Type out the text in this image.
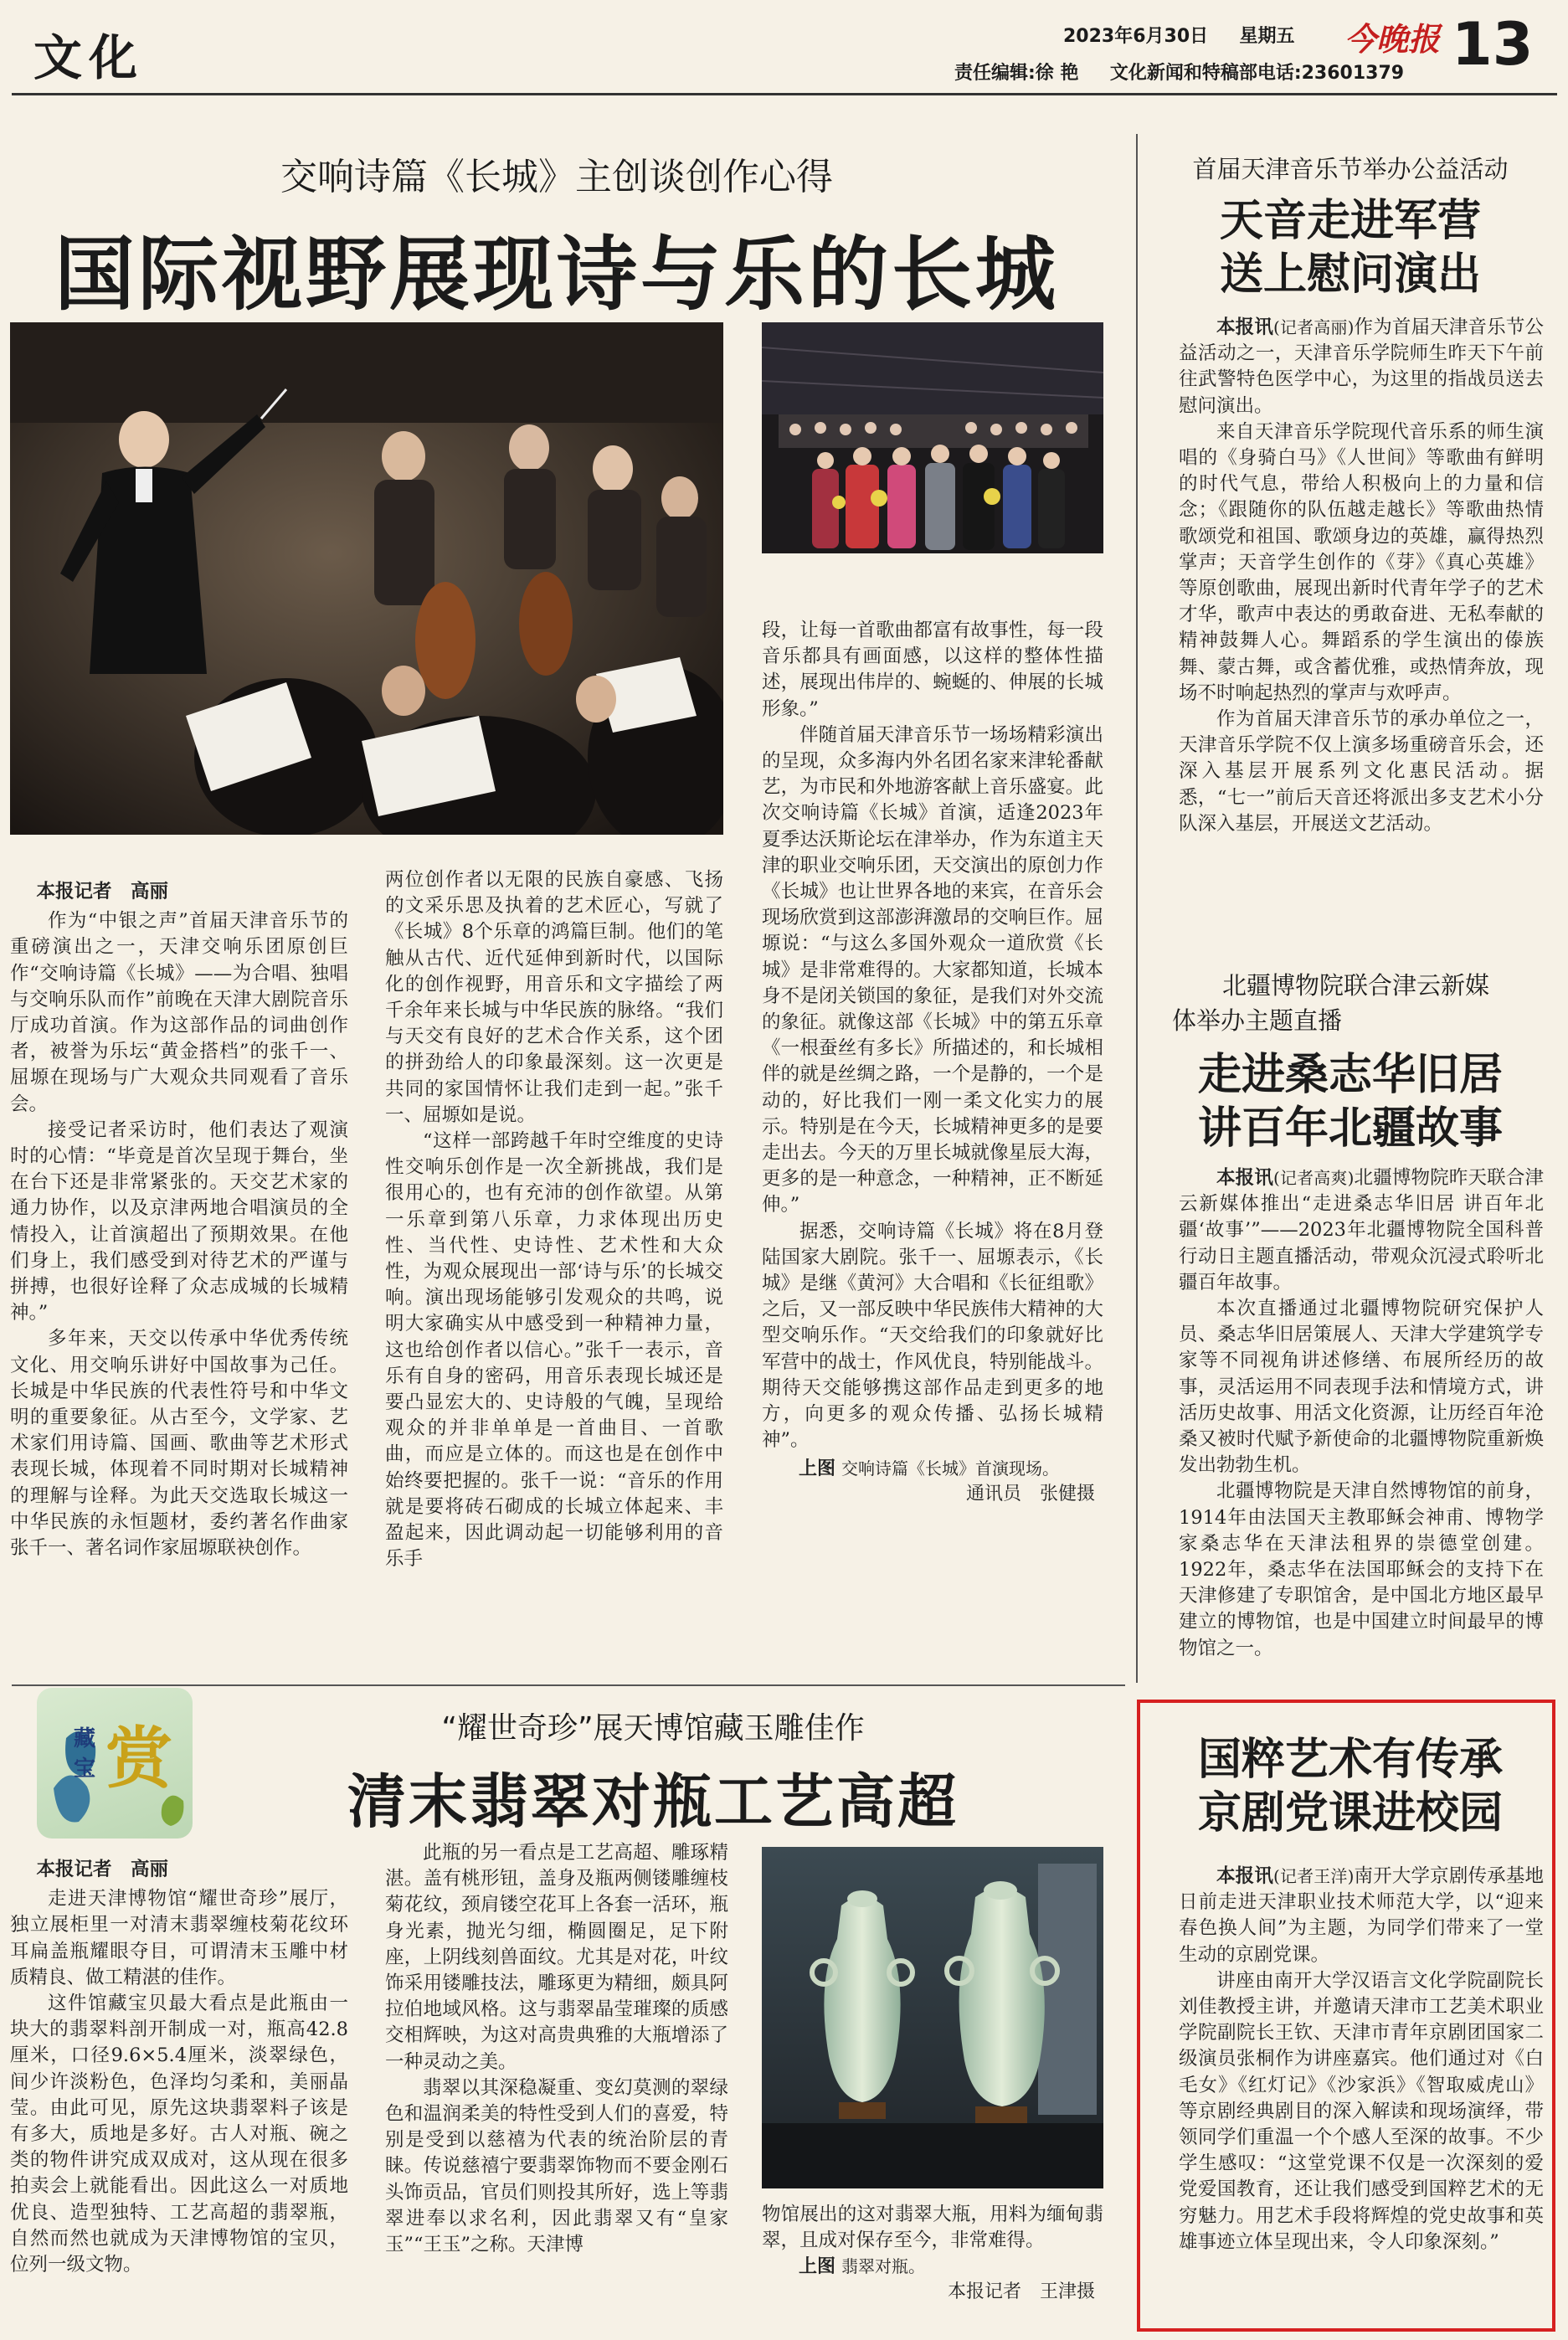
文化	2023年6月30日 星期五 今晚报 13
责任编辑:徐 艳 文化新闻和特稿部电话:23601379
交响诗篇《长城》主创谈创作心得
国际视野展现诗与乐的长城

本报记者　高丽

作为“中银之声”首届天津音乐节的重磅演出之一，天津交响乐团原创巨作“交响诗篇《长城》——为合唱、独唱与交响乐队而作”前晚在天津大剧院音乐厅成功首演。作为这部作品的词曲创作者，被誉为乐坛“黄金搭档”的张千一、屈塬在现场与广大观众共同观看了音乐会。

接受记者采访时，他们表达了观演时的心情：“毕竟是首次呈现于舞台，坐在台下还是非常紧张的。天交艺术家的通力协作，以及京津两地合唱演员的全情投入，让首演超出了预期效果。在他们身上，我们感受到对待艺术的严谨与拼搏，也很好诠释了众志成城的长城精神。”

多年来，天交以传承中华优秀传统文化、用交响乐讲好中国故事为己任。长城是中华民族的代表性符号和中华文明的重要象征。从古至今，文学家、艺术家们用诗篇、国画、歌曲等艺术形式表现长城，体现着不同时期对长城精神的理解与诠释。为此天交选取长城这一中华民族的永恒题材，委约著名作曲家张千一、著名词作家屈塬联袂创作。

两位创作者以无限的民族自豪感、飞扬的文采乐思及执着的艺术匠心，写就了《长城》8个乐章的鸿篇巨制。他们的笔触从古代、近代延伸到新时代，以国际化的创作视野，用音乐和文字描绘了两千余年来长城与中华民族的脉络。“我们与天交有良好的艺术合作关系，这个团的拼劲给人的印象最深刻。这一次更是共同的家国情怀让我们走到一起。”张千一、屈塬如是说。

“这样一部跨越千年时空维度的史诗性交响乐创作是一次全新挑战，我们是很用心的，也有充沛的创作欲望。从第一乐章到第八乐章，力求体现出历史性、当代性、史诗性、艺术性和大众性，为观众展现出一部‘诗与乐’的长城交响。演出现场能够引发观众的共鸣，说明大家确实从中感受到一种精神力量，这也给创作者以信心。”张千一表示，音乐有自身的密码，用音乐表现长城还是要凸显宏大的、史诗般的气魄，呈现给观众的并非单单是一首曲目、一首歌曲，而应是立体的。而这也是在创作中始终要把握的。张千一说：“音乐的作用就是要将砖石砌成的长城立体起来、丰盈起来，因此调动起一切能够利用的音乐手

段，让每一首歌曲都富有故事性，每一段音乐都具有画面感，以这样的整体性描述，展现出伟岸的、蜿蜒的、伸展的长城形象。”

伴随首届天津音乐节一场场精彩演出的呈现，众多海内外名团名家来津轮番献艺，为市民和外地游客献上音乐盛宴。此次交响诗篇《长城》首演，适逢2023年夏季达沃斯论坛在津举办，作为东道主天津的职业交响乐团，天交演出的原创力作《长城》也让世界各地的来宾，在音乐会现场欣赏到这部澎湃激昂的交响巨作。屈塬说：“与这么多国外观众一道欣赏《长城》是非常难得的。大家都知道，长城本身不是闭关锁国的象征，是我们对外交流的象征。就像这部《长城》中的第五乐章《一根蚕丝有多长》所描述的，和长城相伴的就是丝绸之路，一个是静的，一个是动的，好比我们一刚一柔文化实力的展示。特别是在今天，长城精神更多的是要走出去。今天的万里长城就像星辰大海，更多的是一种意念，一种精神，正不断延伸。”

据悉，交响诗篇《长城》将在8月登陆国家大剧院。张千一、屈塬表示，《长城》是继《黄河》大合唱和《长征组歌》之后，又一部反映中华民族伟大精神的大型交响乐作。“天交给我们的印象就好比军营中的战士，作风优良，特别能战斗。期待天交能够携这部作品走到更多的地方，向更多的观众传播、弘扬长城精神”。

上图 交响诗篇《长城》首演现场。
通讯员　张健摄
首届天津音乐节举办公益活动
天音走进军营
送上慰问演出

本报讯(记者高丽)作为首届天津音乐节公益活动之一，天津音乐学院师生昨天下午前往武警特色医学中心，为这里的指战员送去慰问演出。

来自天津音乐学院现代音乐系的师生演唱的《身骑白马》《人世间》等歌曲有鲜明的时代气息，带给人积极向上的力量和信念；《跟随你的队伍越走越长》等歌曲热情歌颂党和祖国、歌颂身边的英雄，赢得热烈掌声；天音学生创作的《芽》《真心英雄》等原创歌曲，展现出新时代青年学子的艺术才华，歌声中表达的勇敢奋进、无私奉献的精神鼓舞人心。舞蹈系的学生演出的傣族舞、蒙古舞，或含蓄优雅，或热情奔放，现场不时响起热烈的掌声与欢呼声。

作为首届天津音乐节的承办单位之一，天津音乐学院不仅上演多场重磅音乐会，还深入基层开展系列文化惠民活动。据悉，“七一”前后天音还将派出多支艺术小分队深入基层，开展送文艺活动。

北疆博物院联合津云新媒
体举办主题直播
走进桑志华旧居
讲百年北疆故事

本报讯(记者高爽)北疆博物院昨天联合津云新媒体推出“走进桑志华旧居 讲百年北疆‘故事’”——2023年北疆博物院全国科普行动日主题直播活动，带观众沉浸式聆听北疆百年故事。

本次直播通过北疆博物院研究保护人员、桑志华旧居策展人、天津大学建筑学专家等不同视角讲述修缮、布展所经历的故事，灵活运用不同表现手法和情境方式，讲活历史故事、用活文化资源，让历经百年沧桑又被时代赋予新使命的北疆博物院重新焕发出勃勃生机。

北疆博物院是天津自然博物馆的前身，1914年由法国天主教耶稣会神甫、博物学家桑志华在天津法租界的崇德堂创建。1922年，桑志华在法国耶稣会的支持下在天津修建了专职馆舍，是中国北方地区最早建立的博物馆，也是中国建立时间最早的博物馆之一。

国粹艺术有传承
京剧党课进校园

本报讯(记者王洋)南开大学京剧传承基地日前走进天津职业技术师范大学，以“迎来春色换人间”为主题，为同学们带来了一堂生动的京剧党课。

讲座由南开大学汉语言文化学院副院长刘佳教授主讲，并邀请天津市工艺美术职业学院副院长王钦、天津市青年京剧团国家二级演员张桐作为讲座嘉宾。他们通过对《白毛女》《红灯记》《沙家浜》《智取威虎山》等京剧经典剧目的深入解读和现场演绎，带领同学们重温一个个感人至深的故事。不少学生感叹：“这堂党课不仅是一次深刻的爱党爱国教育，还让我们感受到国粹艺术的无穷魅力。用艺术手段将辉煌的党史故事和英雄事迹立体呈现出来，令人印象深刻。”

藏
宝 赏	“耀世奇珍”展天博馆藏玉雕佳作
清末翡翠对瓶工艺高超

本报记者　高丽

走进天津博物馆“耀世奇珍”展厅，独立展柜里一对清末翡翠缠枝菊花纹环耳扁盖瓶耀眼夺目，可谓清末玉雕中材质精良、做工精湛的佳作。

这件馆藏宝贝最大看点是此瓶由一块大的翡翠料剖开制成一对，瓶高42.8厘米，口径9.6×5.4厘米，淡翠绿色，间少许淡粉色，色泽均匀柔和，美丽晶莹。由此可见，原先这块翡翠料子该是有多大，质地是多好。古人对瓶、碗之类的物件讲究成双成对，这从现在很多拍卖会上就能看出。因此这么一对质地优良、造型独特、工艺高超的翡翠瓶，自然而然也就成为天津博物馆的宝贝，位列一级文物。

此瓶的另一看点是工艺高超、雕琢精湛。盖有桃形钮，盖身及瓶两侧镂雕缠枝菊花纹，颈肩镂空花耳上各套一活环，瓶身光素，抛光匀细，椭圆圈足，足下附座，上阴线刻兽面纹。尤其是对花，叶纹饰采用镂雕技法，雕琢更为精细，颇具阿拉伯地域风格。这与翡翠晶莹璀璨的质感交相辉映，为这对高贵典雅的大瓶增添了一种灵动之美。

翡翠以其深稳凝重、变幻莫测的翠绿色和温润柔美的特性受到人们的喜爱，特别是受到以慈禧为代表的统治阶层的青睐。传说慈禧宁要翡翠饰物而不要金刚石头饰贡品，官员们则投其所好，选上等翡翠进奉以求名利，因此翡翠又有“皇家玉”“王玉”之称。天津博

物馆展出的这对翡翠大瓶，用料为缅甸翡翠，且成对保存至今，非常难得。

上图 翡翠对瓶。
本报记者　王津摄
